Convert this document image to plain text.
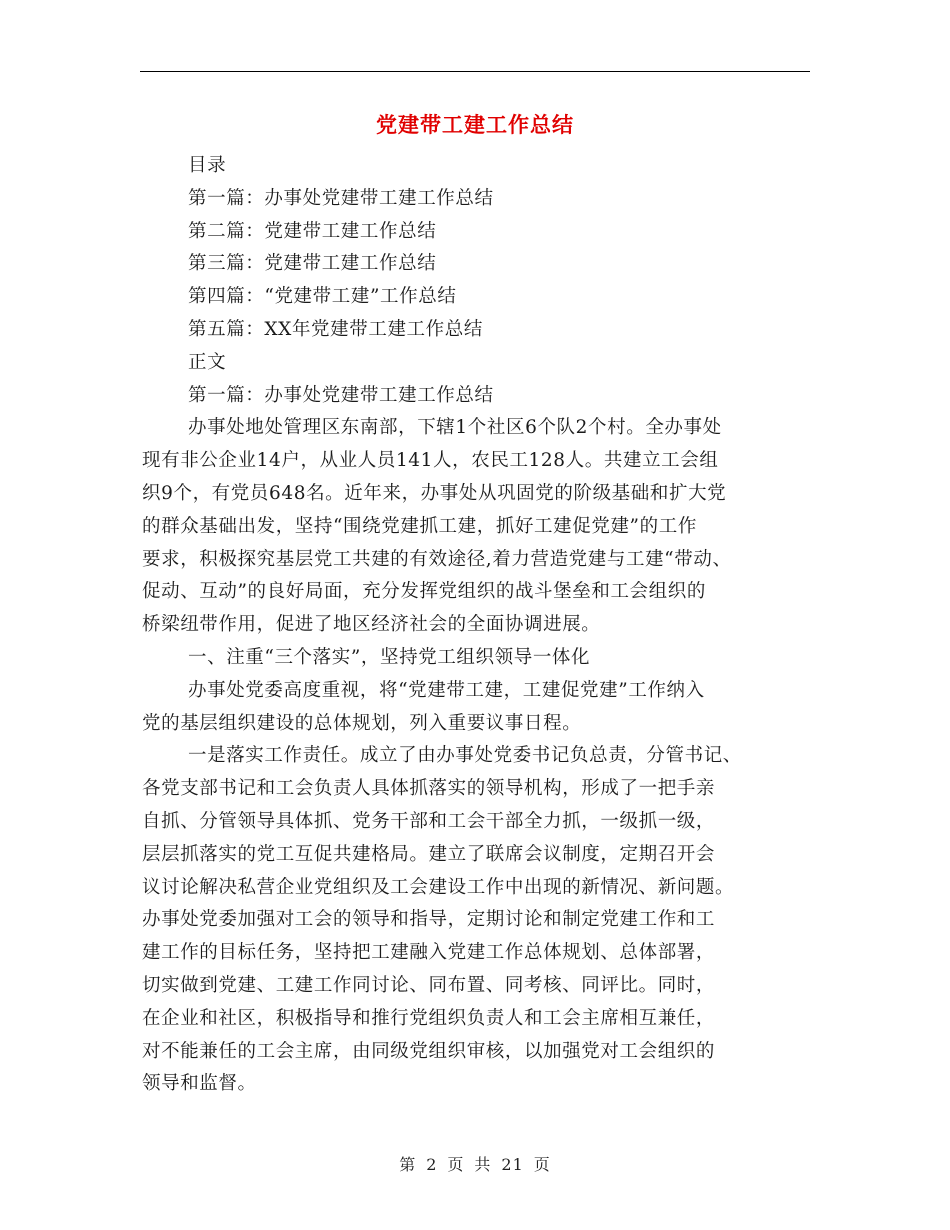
党建带工建工作总结
目录
第一篇：办事处党建带工建工作总结
第二篇：党建带工建工作总结
第三篇：党建带工建工作总结
第四篇：“党建带工建”工作总结
第五篇：XX年党建带工建工作总结
正文
第一篇：办事处党建带工建工作总结
办事处地处管理区东南部，下辖1个社区6个队2个村。全办事处
现有非公企业14户，从业人员141人，农民工128人。共建立工会组
织9个，有党员648名。近年来，办事处从巩固党的阶级基础和扩大党
的群众基础出发，坚持“围绕党建抓工建，抓好工建促党建”的工作
要求，积极探究基层党工共建的有效途径,着力营造党建与工建“带动、
促动、互动”的良好局面，充分发挥党组织的战斗堡垒和工会组织的
桥梁纽带作用，促进了地区经济社会的全面协调进展。
一、注重“三个落实”，坚持党工组织领导一体化
办事处党委高度重视，将“党建带工建，工建促党建”工作纳入
党的基层组织建设的总体规划，列入重要议事日程。
一是落实工作责任。成立了由办事处党委书记负总责，分管书记、
各党支部书记和工会负责人具体抓落实的领导机构，形成了一把手亲
自抓、分管领导具体抓、党务干部和工会干部全力抓，一级抓一级，
层层抓落实的党工互促共建格局。建立了联席会议制度，定期召开会
议讨论解决私营企业党组织及工会建设工作中出现的新情况、新问题。
办事处党委加强对工会的领导和指导，定期讨论和制定党建工作和工
建工作的目标任务，坚持把工建融入党建工作总体规划、总体部署，
切实做到党建、工建工作同讨论、同布置、同考核、同评比。同时，
在企业和社区，积极指导和推行党组织负责人和工会主席相互兼任，
对不能兼任的工会主席，由同级党组织审核，以加强党对工会组织的
领导和监督。
第 2 页 共 21 页
